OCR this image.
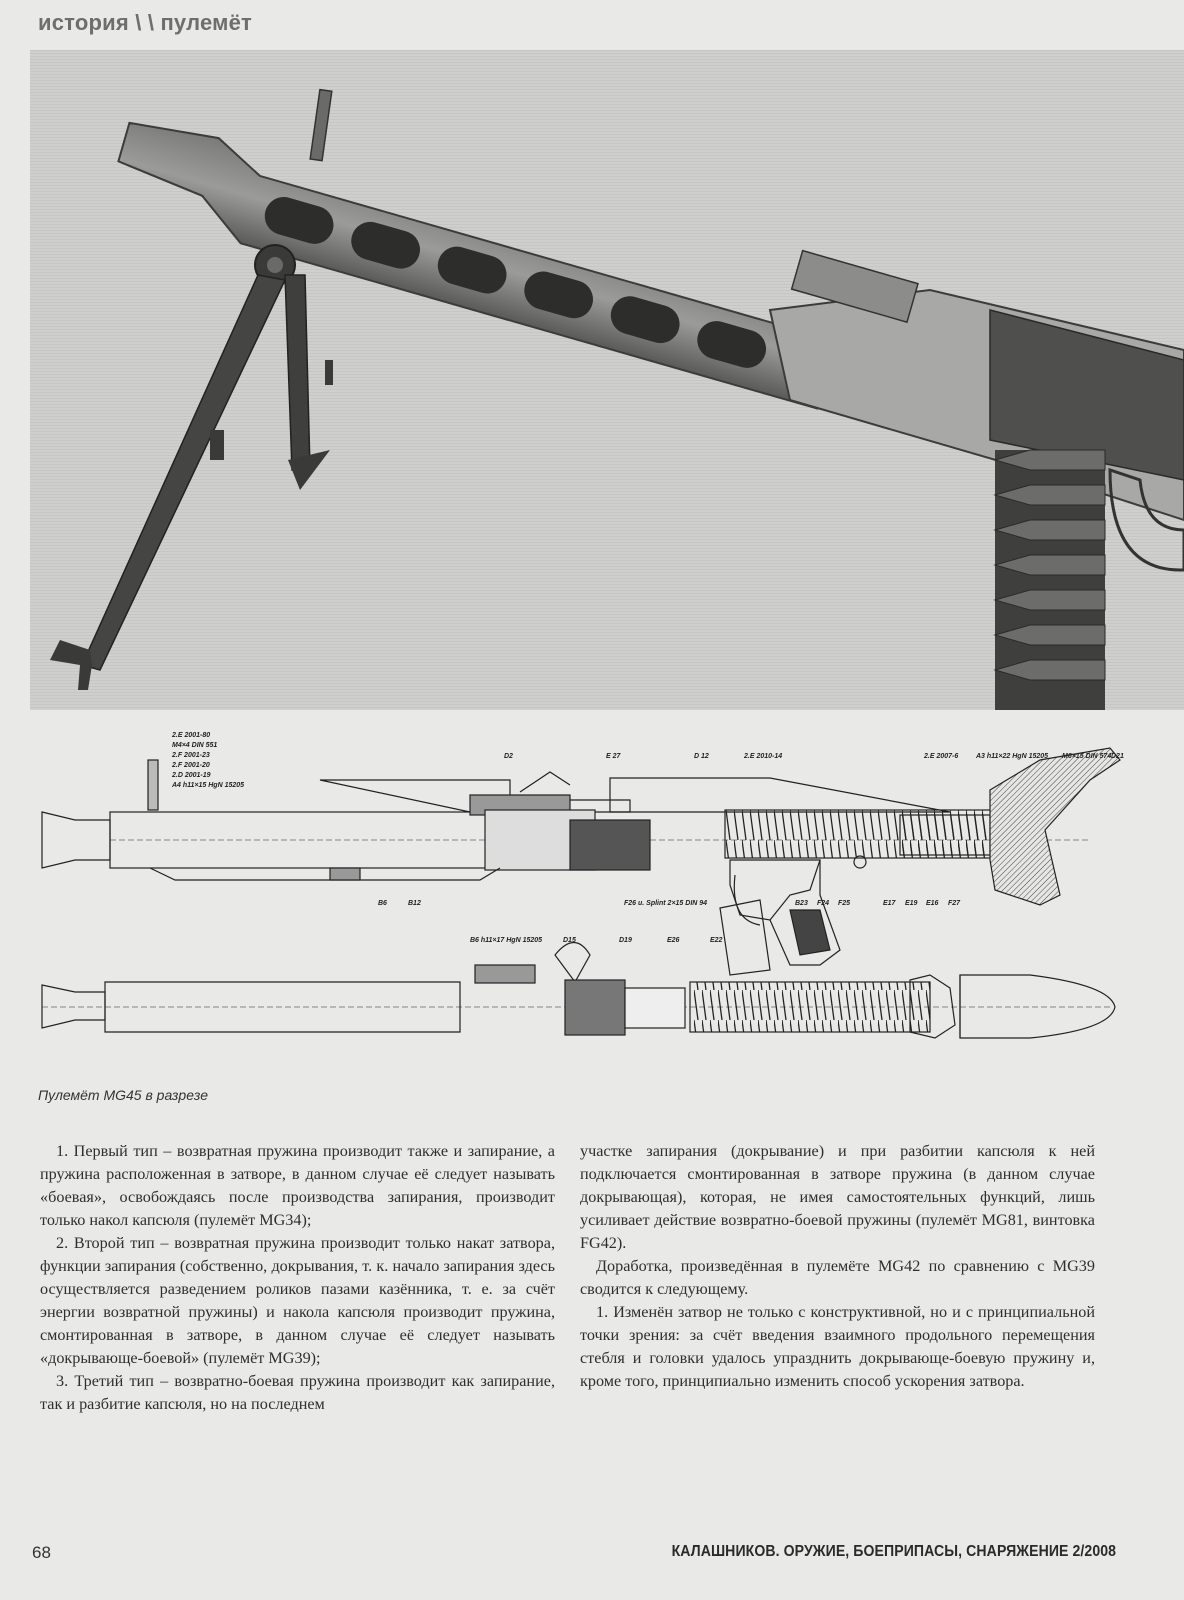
история \ \ пулемёт
2.E 2001-80
M4×4 DIN 551
2.F 2001-23
2.F 2001-20
2.D 2001-19
A4 h11×15 HgN 15205
D2	E 27	D 12	2.E 2010-14	2.E 2007-6	A3 h11×22 HgN 15205 M6×15 DIN 574 D21
B6	B12	F26 u. Splint 2×15 DIN 94	B23 F24 F25	E17 E19 E16 F27
B6 h11×17 HgN 15205	D15	D19	E26	E22
Пулемёт MG45 в разрезе

1. Первый тип – возвратная пружина производит также и запирание, а пружина расположенная в затворе, в данном случае её следует называть «боевая», освобождаясь после производства запирания, производит только накол капсюля (пулемёт MG34);

2. Второй тип – возвратная пружина производит только накат затвора, функции запирания (собственно, докрывания, т. к. начало запирания здесь осуществляется разведением роликов пазами казённика, т. е. за счёт энергии возвратной пружины) и накола капсюля производит пружина, смонтированная в затворе, в данном случае её следует называть «докрывающе-боевой» (пулемёт MG39);

3. Третий тип – возвратно-боевая пружина производит как запирание, так и разбитие капсюля, но на последнем

участке запирания (докрывание) и при разбитии капсюля к ней подключается смонтированная в затворе пружина (в данном случае докрывающая), которая, не имея самостоятельных функций, лишь усиливает действие возвратно-боевой пружины (пулемёт MG81, винтовка FG42).

Доработка, произведённая в пулемёте MG42 по сравнению с MG39 сводится к следующему.

1. Изменён затвор не только с конструктивной, но и с принципиальной точки зрения: за счёт введения взаимного продольного перемещения стебля и головки удалось упразднить докрывающе-боевую пружину и, кроме того, принципиально изменить способ ускорения затвора.

68	КАЛАШНИКОВ. ОРУЖИЕ, БОЕПРИПАСЫ, СНАРЯЖЕНИЕ 2/2008
